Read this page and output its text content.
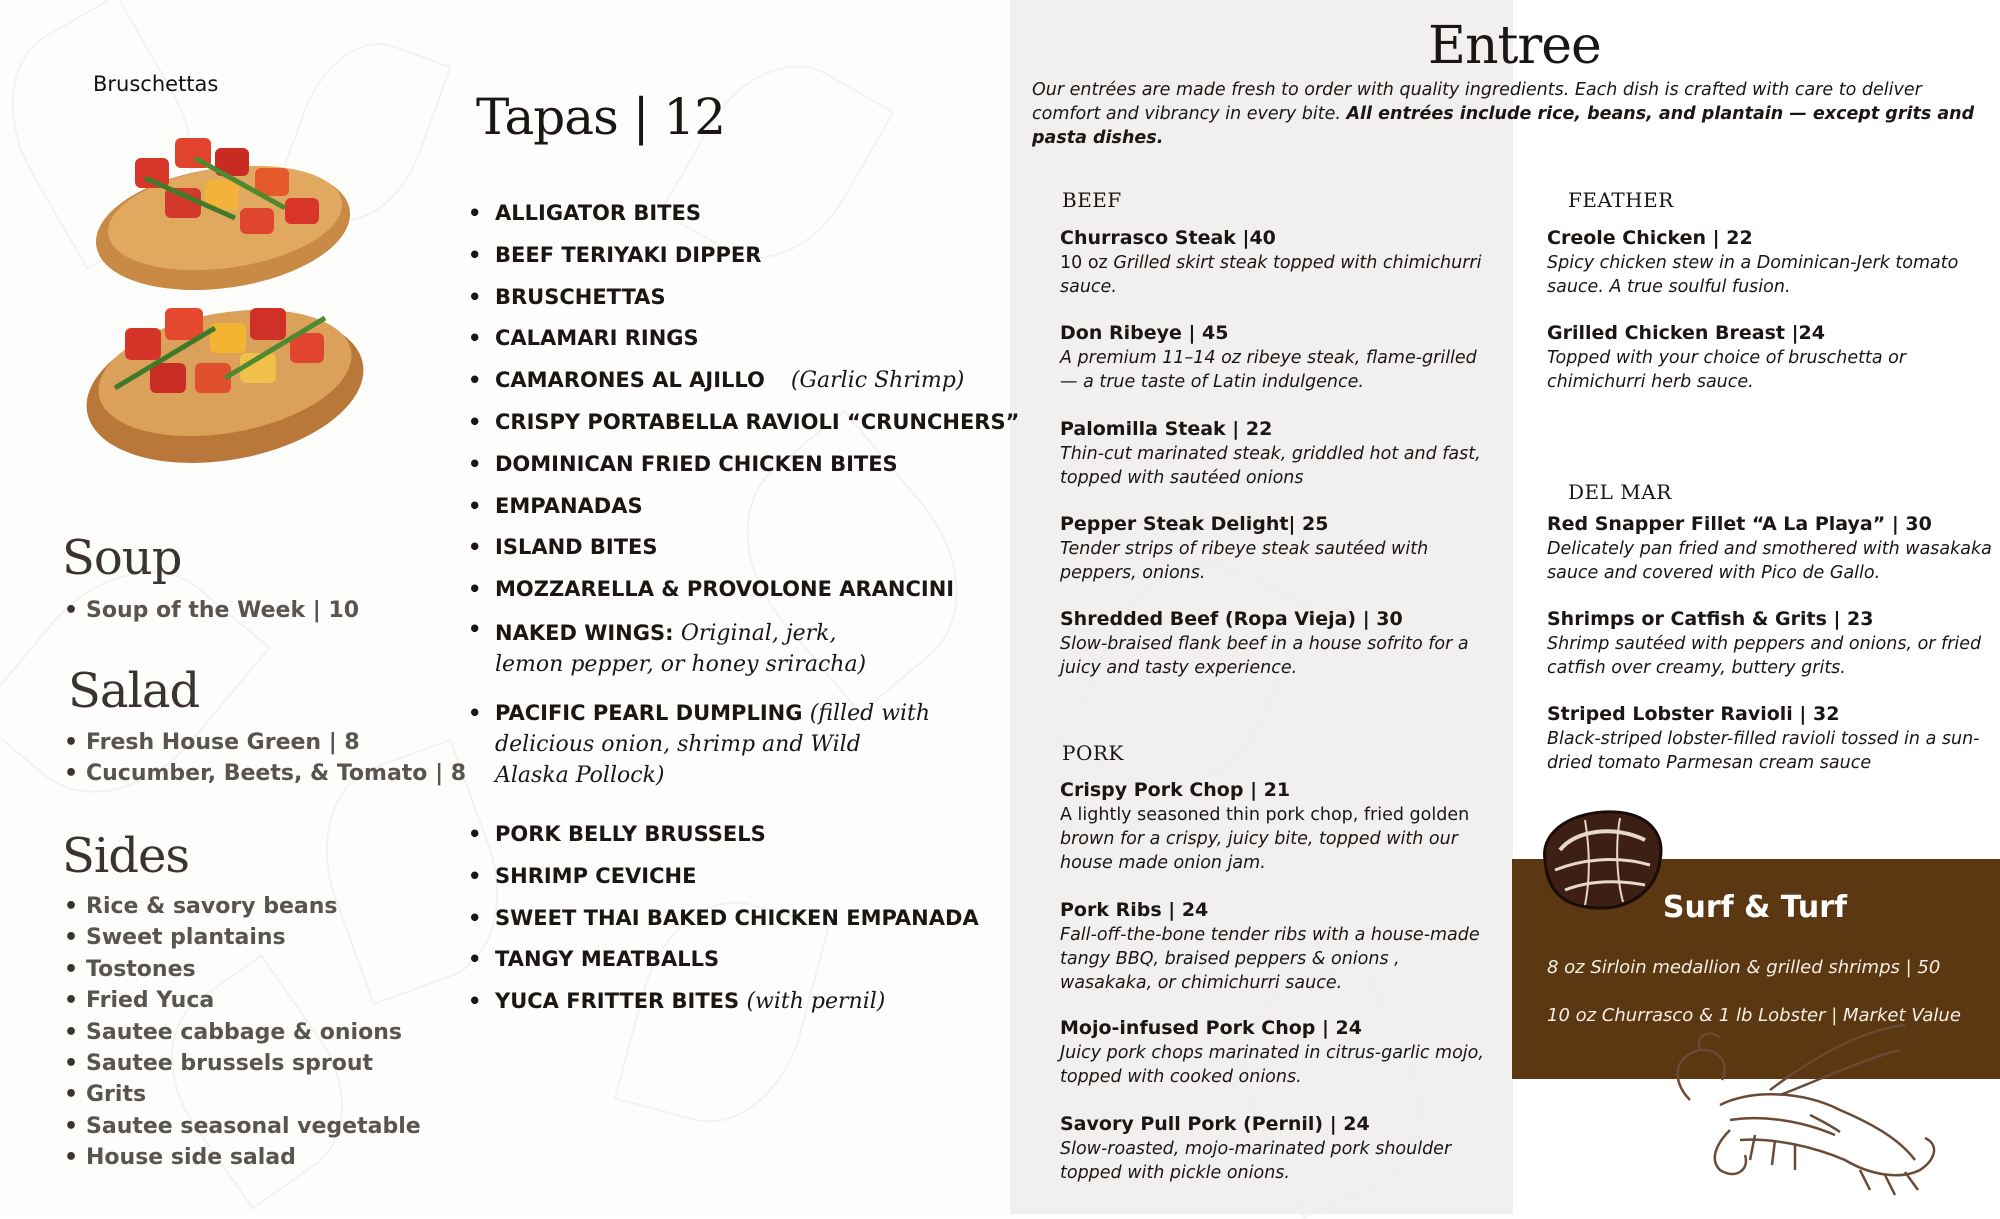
Bruschettas
Soup
• Soup of the Week | 10
Salad
• Fresh House Green | 8
• Cucumber, Beets, & Tomato | 8
Sides
• Rice & savory beans
• Sweet plantains
• Tostones
• Fried Yuca
• Sautee cabbage & onions
• Sautee brussels sprout
• Grits
• Sautee seasonal vegetable
• House side salad
Tapas | 12
• ALLIGATOR BITES
• BEEF TERIYAKI DIPPER
• BRUSCHETTAS
• CALAMARI RINGS
• CAMARONES AL AJILLO (Garlic Shrimp)
• CRISPY PORTABELLA RAVIOLI “CRUNCHERS”
• DOMINICAN FRIED CHICKEN BITES
• EMPANADAS
• ISLAND BITES
• MOZZARELLA & PROVOLONE ARANCINI
• NAKED WINGS: Original, jerk, lemon pepper, or honey sriracha)
• PACIFIC PEARL DUMPLING (filled with delicious onion, shrimp and Wild Alaska Pollock)
• PORK BELLY BRUSSELS
• SHRIMP CEVICHE
• SWEET THAI BAKED CHICKEN EMPANADA
• TANGY MEATBALLS
• YUCA FRITTER BITES (with pernil)
Entree
Our entrées are made fresh to order with quality ingredients. Each dish is crafted with care to deliver comfort and vibrancy in every bite. All entrées include rice, beans, and plantain — except grits and pasta dishes.
BEEF
Churrasco Steak |40
10 oz Grilled skirt steak topped with chimichurri sauce.
Don Ribeye | 45
A premium 11–14 oz ribeye steak, flame-grilled — a true taste of Latin indulgence.
Palomilla Steak | 22
Thin-cut marinated steak, griddled hot and fast, topped with sautéed onions
Pepper Steak Delight| 25
Tender strips of ribeye steak sautéed with peppers, onions.
Shredded Beef (Ropa Vieja) | 30
Slow-braised flank beef in a house sofrito for a juicy and tasty experience.
PORK
Crispy Pork Chop | 21
A lightly seasoned thin pork chop, fried golden brown for a crispy, juicy bite, topped with our house made onion jam.
Pork Ribs | 24
Fall-off-the-bone tender ribs with a house-made tangy BBQ, braised peppers & onions , wasakaka, or chimichurri sauce.
Mojo-infused Pork Chop | 24
Juicy pork chops marinated in citrus-garlic mojo, topped with cooked onions.
Savory Pull Pork (Pernil) | 24
Slow-roasted, mojo-marinated pork shoulder topped with pickle onions.
FEATHER
Creole Chicken | 22
Spicy chicken stew in a Dominican-Jerk tomato sauce. A true soulful fusion.
Grilled Chicken Breast |24
Topped with your choice of bruschetta or chimichurri herb sauce.
DEL MAR
Red Snapper Fillet “A La Playa” | 30
Delicately pan fried and smothered with wasakaka sauce and covered with Pico de Gallo.
Shrimps or Catfish & Grits | 23
Shrimp sautéed with peppers and onions, or fried catfish over creamy, buttery grits.
Striped Lobster Ravioli | 32
Black-striped lobster-filled ravioli tossed in a sun-dried tomato Parmesan cream sauce
Surf & Turf
8 oz Sirloin medallion & grilled shrimps | 50
10 oz Churrasco & 1 lb Lobster | Market Value
